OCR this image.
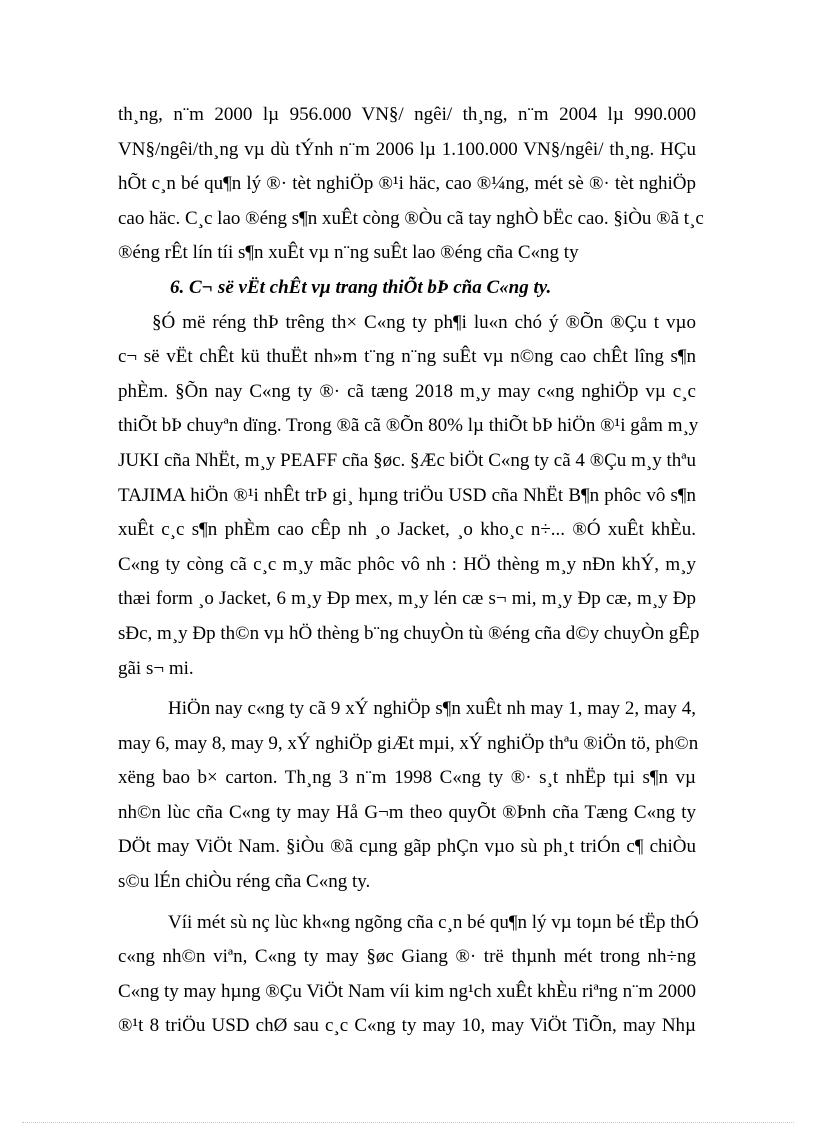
th¸ng, n¨m 2000 lµ 956.000 VN§/ ngêi/ th¸ng, n¨m 2004 lµ 990.000
VN§/ngêi/th¸ng vµ dù tÝnh n¨m 2006 lµ 1.100.000 VN§/ngêi/ th¸ng. HÇu
hÕt c¸n bé qu¶n lý ®· tèt nghiÖp ®¹i häc, cao ®¼ng, mét sè ®· tèt nghiÖp
cao häc. C¸c lao ®éng s¶n xuÊt còng ®Òu cã tay nghÒ bËc cao. §iÒu ®ã t¸c
®éng rÊt lín tíi s¶n xuÊt vµ n¨ng suÊt lao ®éng cña C«ng ty
6. C¬ së vËt chÊt vµ trang thiÕt bÞ cña C«ng ty.
§Ó më réng thÞ trêng th× C«ng ty ph¶i lu«n chó ý ®Õn ®Çu t vµo
c¬ së vËt chÊt kü thuËt nh»m t¨ng n¨ng suÊt vµ n©ng cao chÊt lîng s¶n
phÈm. §Õn nay C«ng ty ®· cã tæng 2018 m¸y may c«ng nghiÖp vµ c¸c
thiÕt bÞ chuyªn dïng. Trong ®ã cã ®Õn 80% lµ thiÕt bÞ hiÖn ®¹i gåm m¸y
JUKI cña NhËt, m¸y PEAFF cña §øc. §Æc biÖt C«ng ty cã 4 ®Çu m¸y thªu
TAJIMA hiÖn ®¹i nhÊt trÞ gi¸ hµng triÖu USD cña NhËt B¶n phôc vô s¶n
xuÊt c¸c s¶n phÈm cao cÊp nh ¸o Jacket, ¸o kho¸c n÷... ®Ó xuÊt khÈu.
C«ng ty còng cã c¸c m¸y mãc phôc vô nh : HÖ thèng m¸y nÐn khÝ, m¸y
thæi form ¸o Jacket, 6 m¸y Ðp mex, m¸y lén cæ s¬ mi, m¸y Ðp cæ, m¸y Ðp
sÐc, m¸y Ðp th©n vµ hÖ thèng b¨ng chuyÒn tù ®éng cña d©y chuyÒn gÊp
gãi s¬ mi.
HiÖn nay c«ng ty cã 9 xÝ nghiÖp s¶n xuÊt nh may 1, may 2, may 4,
may 6, may 8, may 9, xÝ nghiÖp giÆt mµi, xÝ nghiÖp thªu ®iÖn tö, ph©n
xëng bao b× carton. Th¸ng 3 n¨m 1998 C«ng ty ®· s¸t nhËp tµi s¶n vµ
nh©n lùc cña C«ng ty may Hå G¬m theo quyÕt ®Þnh cña Tæng C«ng ty
DÖt may ViÖt Nam. §iÒu ®ã cµng gãp phÇn vµo sù ph¸t triÓn c¶ chiÒu
s©u lÉn chiÒu réng cña C«ng ty.
Víi mét sù nç lùc kh«ng ngõng cña c¸n bé qu¶n lý vµ toµn bé tËp thÓ
c«ng nh©n viªn, C«ng ty may §øc Giang ®· trë thµnh mét trong nh÷ng
C«ng ty may hµng ®Çu ViÖt Nam víi kim ng¹ch xuÊt khÈu riªng n¨m 2000
®¹t 8 triÖu USD chØ sau c¸c C«ng ty may 10, may ViÖt TiÕn, may Nhµ
